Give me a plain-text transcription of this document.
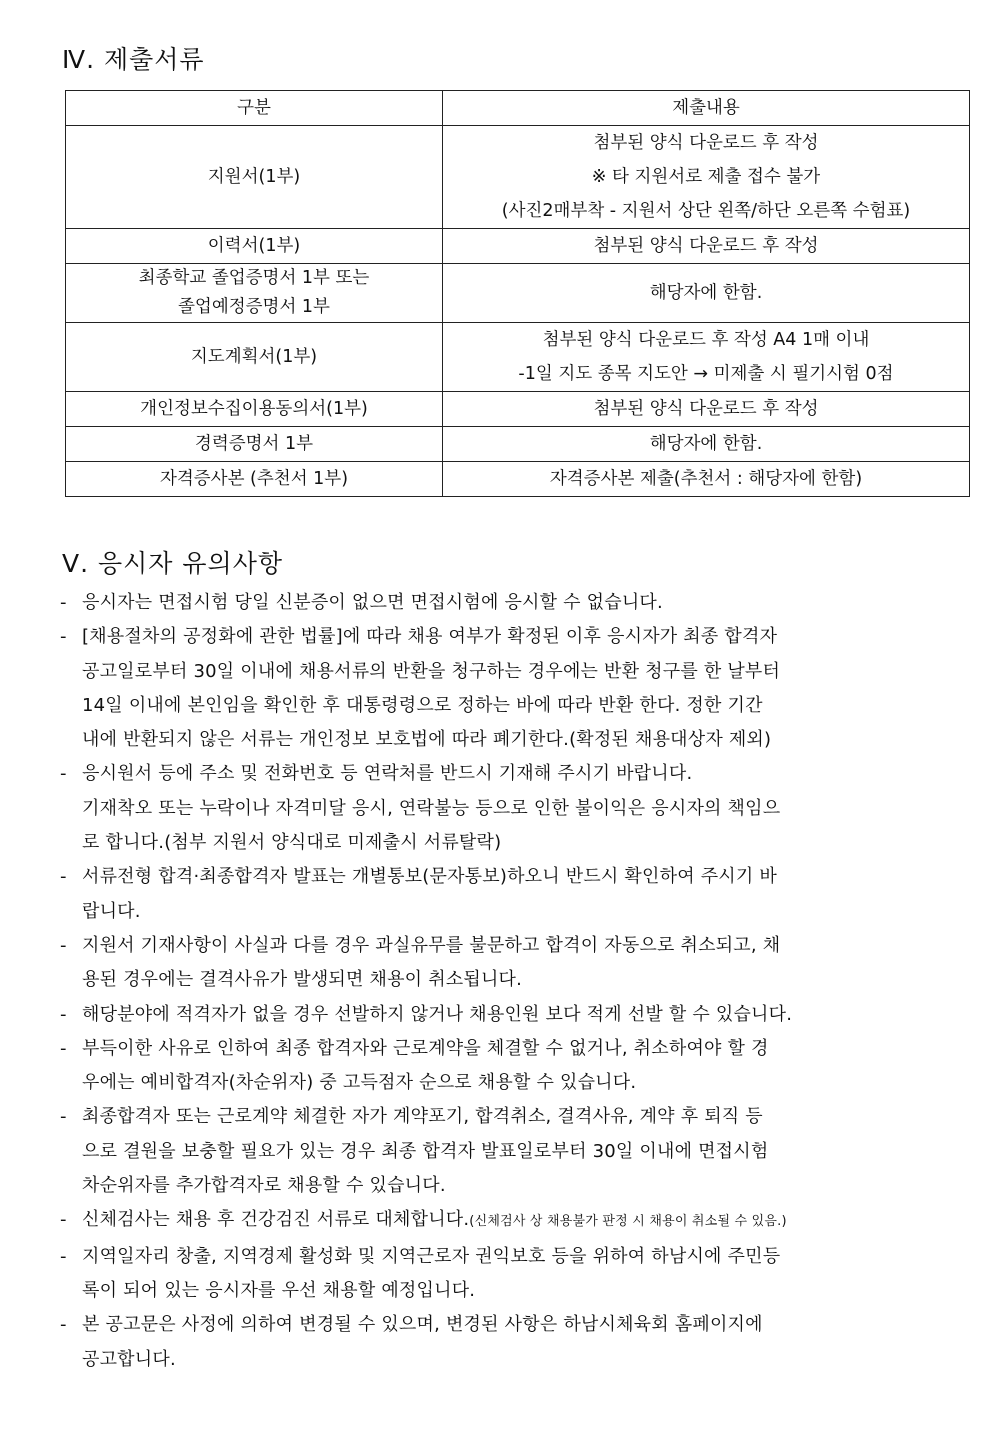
Ⅳ. 제출서류
구분	제출내용

지원서(1부)	첨부된 양식 다운로드 후 작성
※ 타 지원서로 제출 접수 불가
(사진2매부착 - 지원서 상단 왼쪽/하단 오른쪽 수험표)

이력서(1부)	첨부된 양식 다운로드 후 작성

최종학교 졸업증명서 1부 또는
졸업예정증명서 1부	해당자에 한함.

지도계획서(1부)	첨부된 양식 다운로드 후 작성 A4 1매 이내
-1일 지도 종목 지도안 → 미제출 시 필기시험 0점

개인정보수집이용동의서(1부)	첨부된 양식 다운로드 후 작성

경력증명서 1부	해당자에 한함.

자격증사본 (추천서 1부)	자격증사본 제출(추천서 : 해당자에 한함)
Ⅴ. 응시자 유의사항
- 응시자는 면접시험 당일 신분증이 없으면 면접시험에 응시할 수 없습니다.
- [채용절차의 공정화에 관한 법률]에 따라 채용 여부가 확정된 이후 응시자가 최종 합격자
공고일로부터 30일 이내에 채용서류의 반환을 청구하는 경우에는 반환 청구를 한 날부터
14일 이내에 본인임을 확인한 후 대통령령으로 정하는 바에 따라 반환 한다. 정한 기간
내에 반환되지 않은 서류는 개인정보 보호법에 따라 폐기한다.(확정된 채용대상자 제외)
- 응시원서 등에 주소 및 전화번호 등 연락처를 반드시 기재해 주시기 바랍니다.
기재착오 또는 누락이나 자격미달 응시, 연락불능 등으로 인한 불이익은 응시자의 책임으
로 합니다.(첨부 지원서 양식대로 미제출시 서류탈락)
- 서류전형 합격·최종합격자 발표는 개별통보(문자통보)하오니 반드시 확인하여 주시기 바
랍니다.
- 지원서 기재사항이 사실과 다를 경우 과실유무를 불문하고 합격이 자동으로 취소되고, 채
용된 경우에는 결격사유가 발생되면 채용이 취소됩니다.
- 해당분야에 적격자가 없을 경우 선발하지 않거나 채용인원 보다 적게 선발 할 수 있습니다.
- 부득이한 사유로 인하여 최종 합격자와 근로계약을 체결할 수 없거나, 취소하여야 할 경
우에는 예비합격자(차순위자) 중 고득점자 순으로 채용할 수 있습니다.
- 최종합격자 또는 근로계약 체결한 자가 계약포기, 합격취소, 결격사유, 계약 후 퇴직 등
으로 결원을 보충할 필요가 있는 경우 최종 합격자 발표일로부터 30일 이내에 면접시험
차순위자를 추가합격자로 채용할 수 있습니다.
- 신체검사는 채용 후 건강검진 서류로 대체합니다.(신체검사 상 채용불가 판정 시 채용이 취소될 수 있음.)
- 지역일자리 창출, 지역경제 활성화 및 지역근로자 권익보호 등을 위하여 하남시에 주민등
록이 되어 있는 응시자를 우선 채용할 예정입니다.
- 본 공고문은 사정에 의하여 변경될 수 있으며, 변경된 사항은 하남시체육회 홈페이지에
공고합니다.
